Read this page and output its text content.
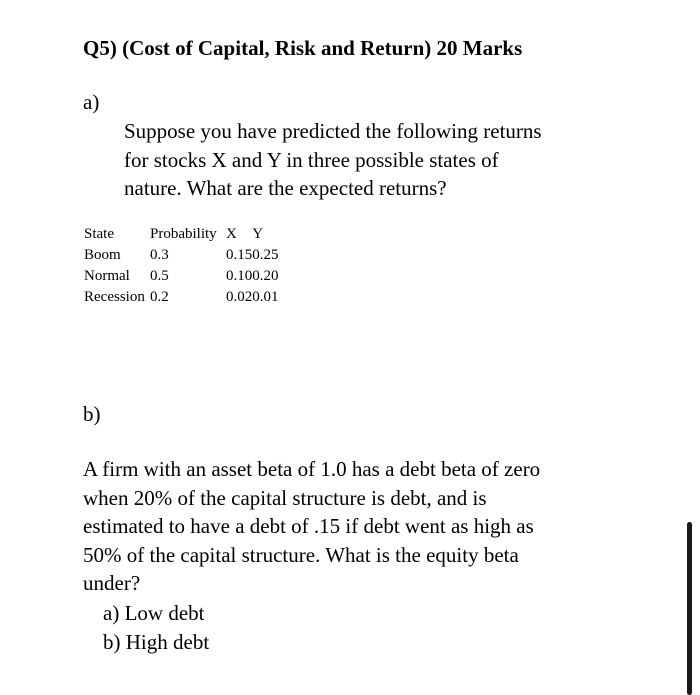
Q5) (Cost of Capital, Risk and Return) 20 Marks
a)
Suppose you have predicted the following returns
for stocks X and Y in three possible states of
nature. What are the expected returns?
State	Probability	X	Y
Boom	0.3	0.15	0.25
Normal	0.5	0.10	0.20
Recession	0.2	0.02	0.01
b)
A firm with an asset beta of 1.0 has a debt beta of zero
when 20% of the capital structure is debt, and is
estimated to have a debt of .15 if debt went as high as
50% of the capital structure. What is the equity beta
under?
a) Low debt
b) High debt
